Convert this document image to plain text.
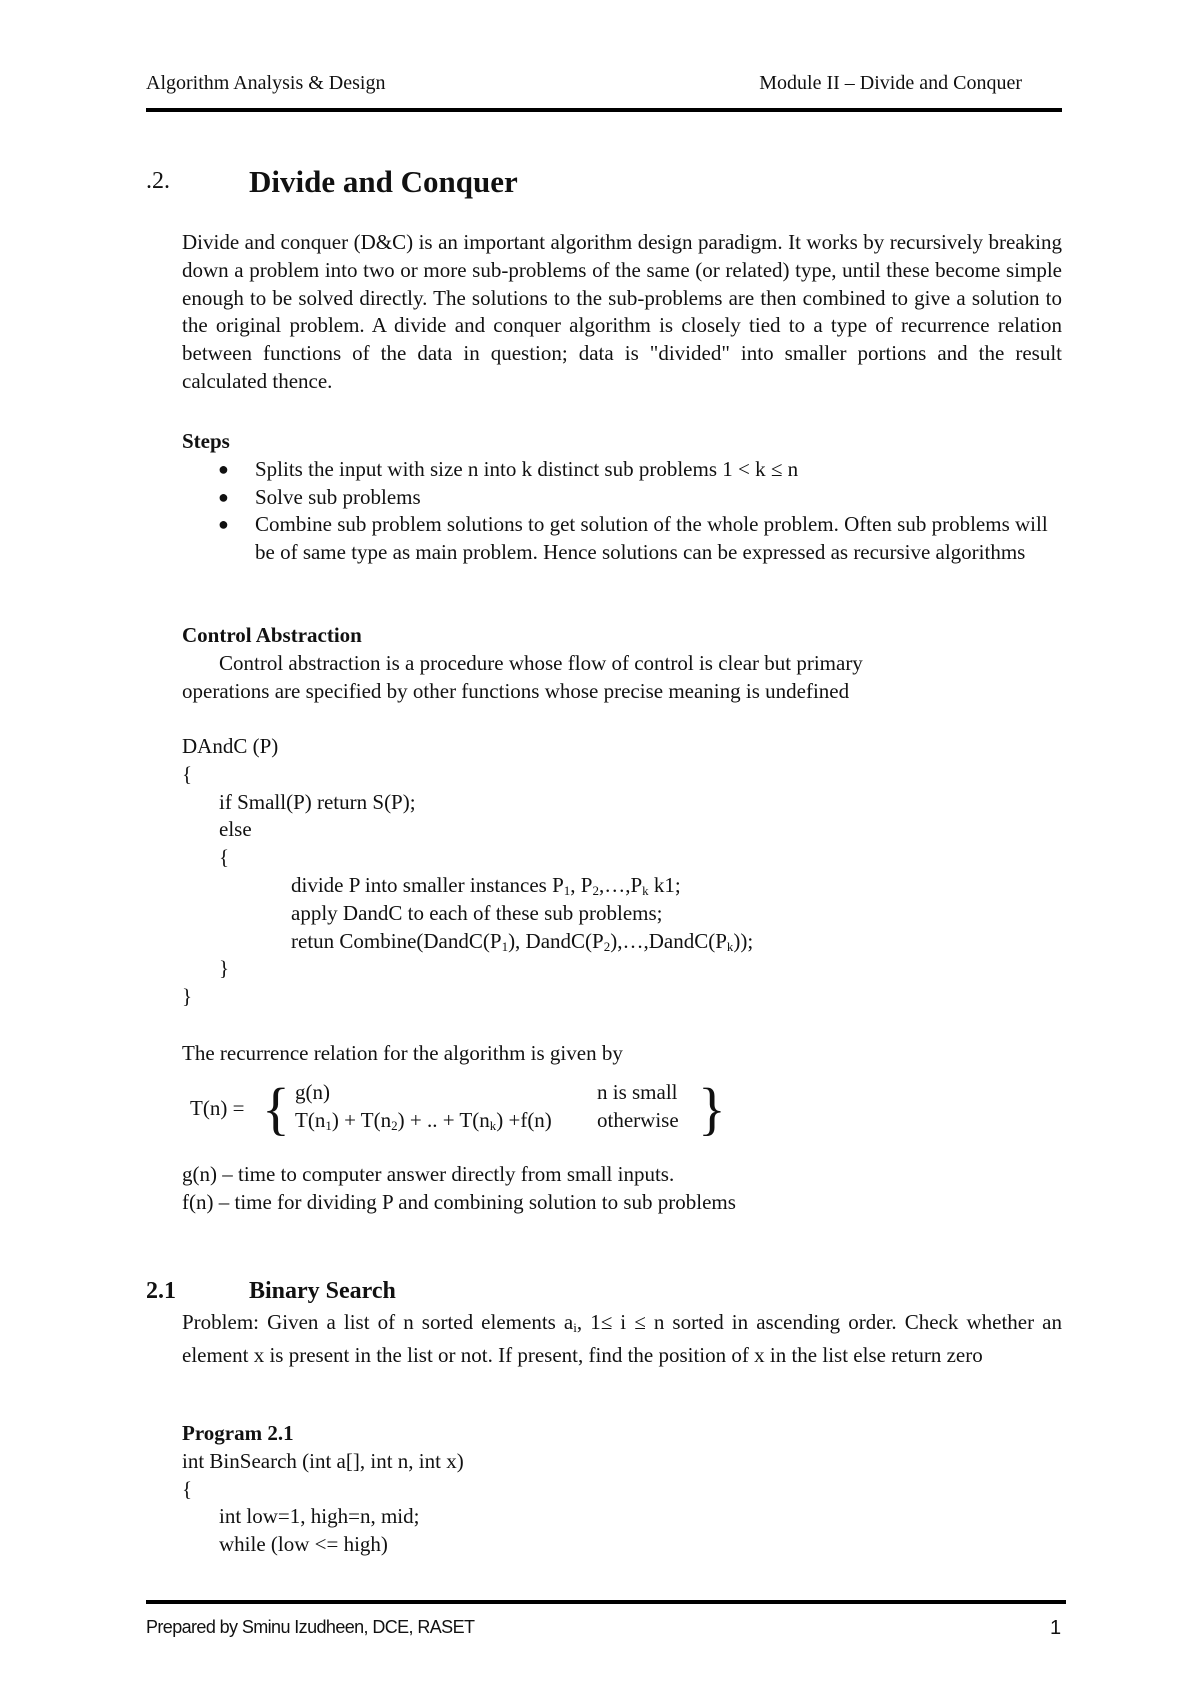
Algorithm Analysis & Design	Module II – Divide and Conquer
.2.	Divide and Conquer
Divide and conquer (D&C) is an important algorithm design paradigm. It works by recursively breaking down a problem into two or more sub-problems of the same (or related) type, until these become simple enough to be solved directly. The solutions to the sub-problems are then combined to give a solution to the original problem. A divide and conquer algorithm is closely tied to a type of recurrence relation between functions of the data in question; data is "divided" into smaller portions and the result calculated thence.
Steps
● Splits the input with size n into k distinct sub problems 1 < k ≤ n
● Solve sub problems
● Combine sub problem solutions to get solution of the whole problem. Often sub problems will be of same type as main problem. Hence solutions can be expressed as recursive algorithms
Control Abstraction
Control abstraction is a procedure whose flow of control is clear but primary
operations are specified by other functions whose precise meaning is undefined
DAndC (P)
{
if Small(P) return S(P);
else
{
divide P into smaller instances $P_1$, $P_2,\dots,P_k$ k1;
apply DandC to each of these sub problems;
retun $Combine(DandC(P_1)$, $DandC(P_2),\dots,DandC(P_k)$);
}
}
The recurrence relation for the algorithm is given by
T(n) = { g(n)	n is small
$T(n_1) + T(n_2)$ + .. + $T(n_k) +f(n)$ otherwise }
g(n) – time to computer answer directly from small inputs.
f(n) – time for dividing P and combining solution to sub problems
2.1	Binary Search
Problem: Given a list of n sorted elements $a_i$, 1≤ i ≤ n sorted in ascending order. Check whether an element x is present in the list or not. If present, find the position of x in the list else return zero
Program 2.1
int BinSearch (int a[], int n, int x)
{
int low=1, high=n, mid;
while (low <= high)
Prepared by Sminu Izudheen, DCE, RASET	1
